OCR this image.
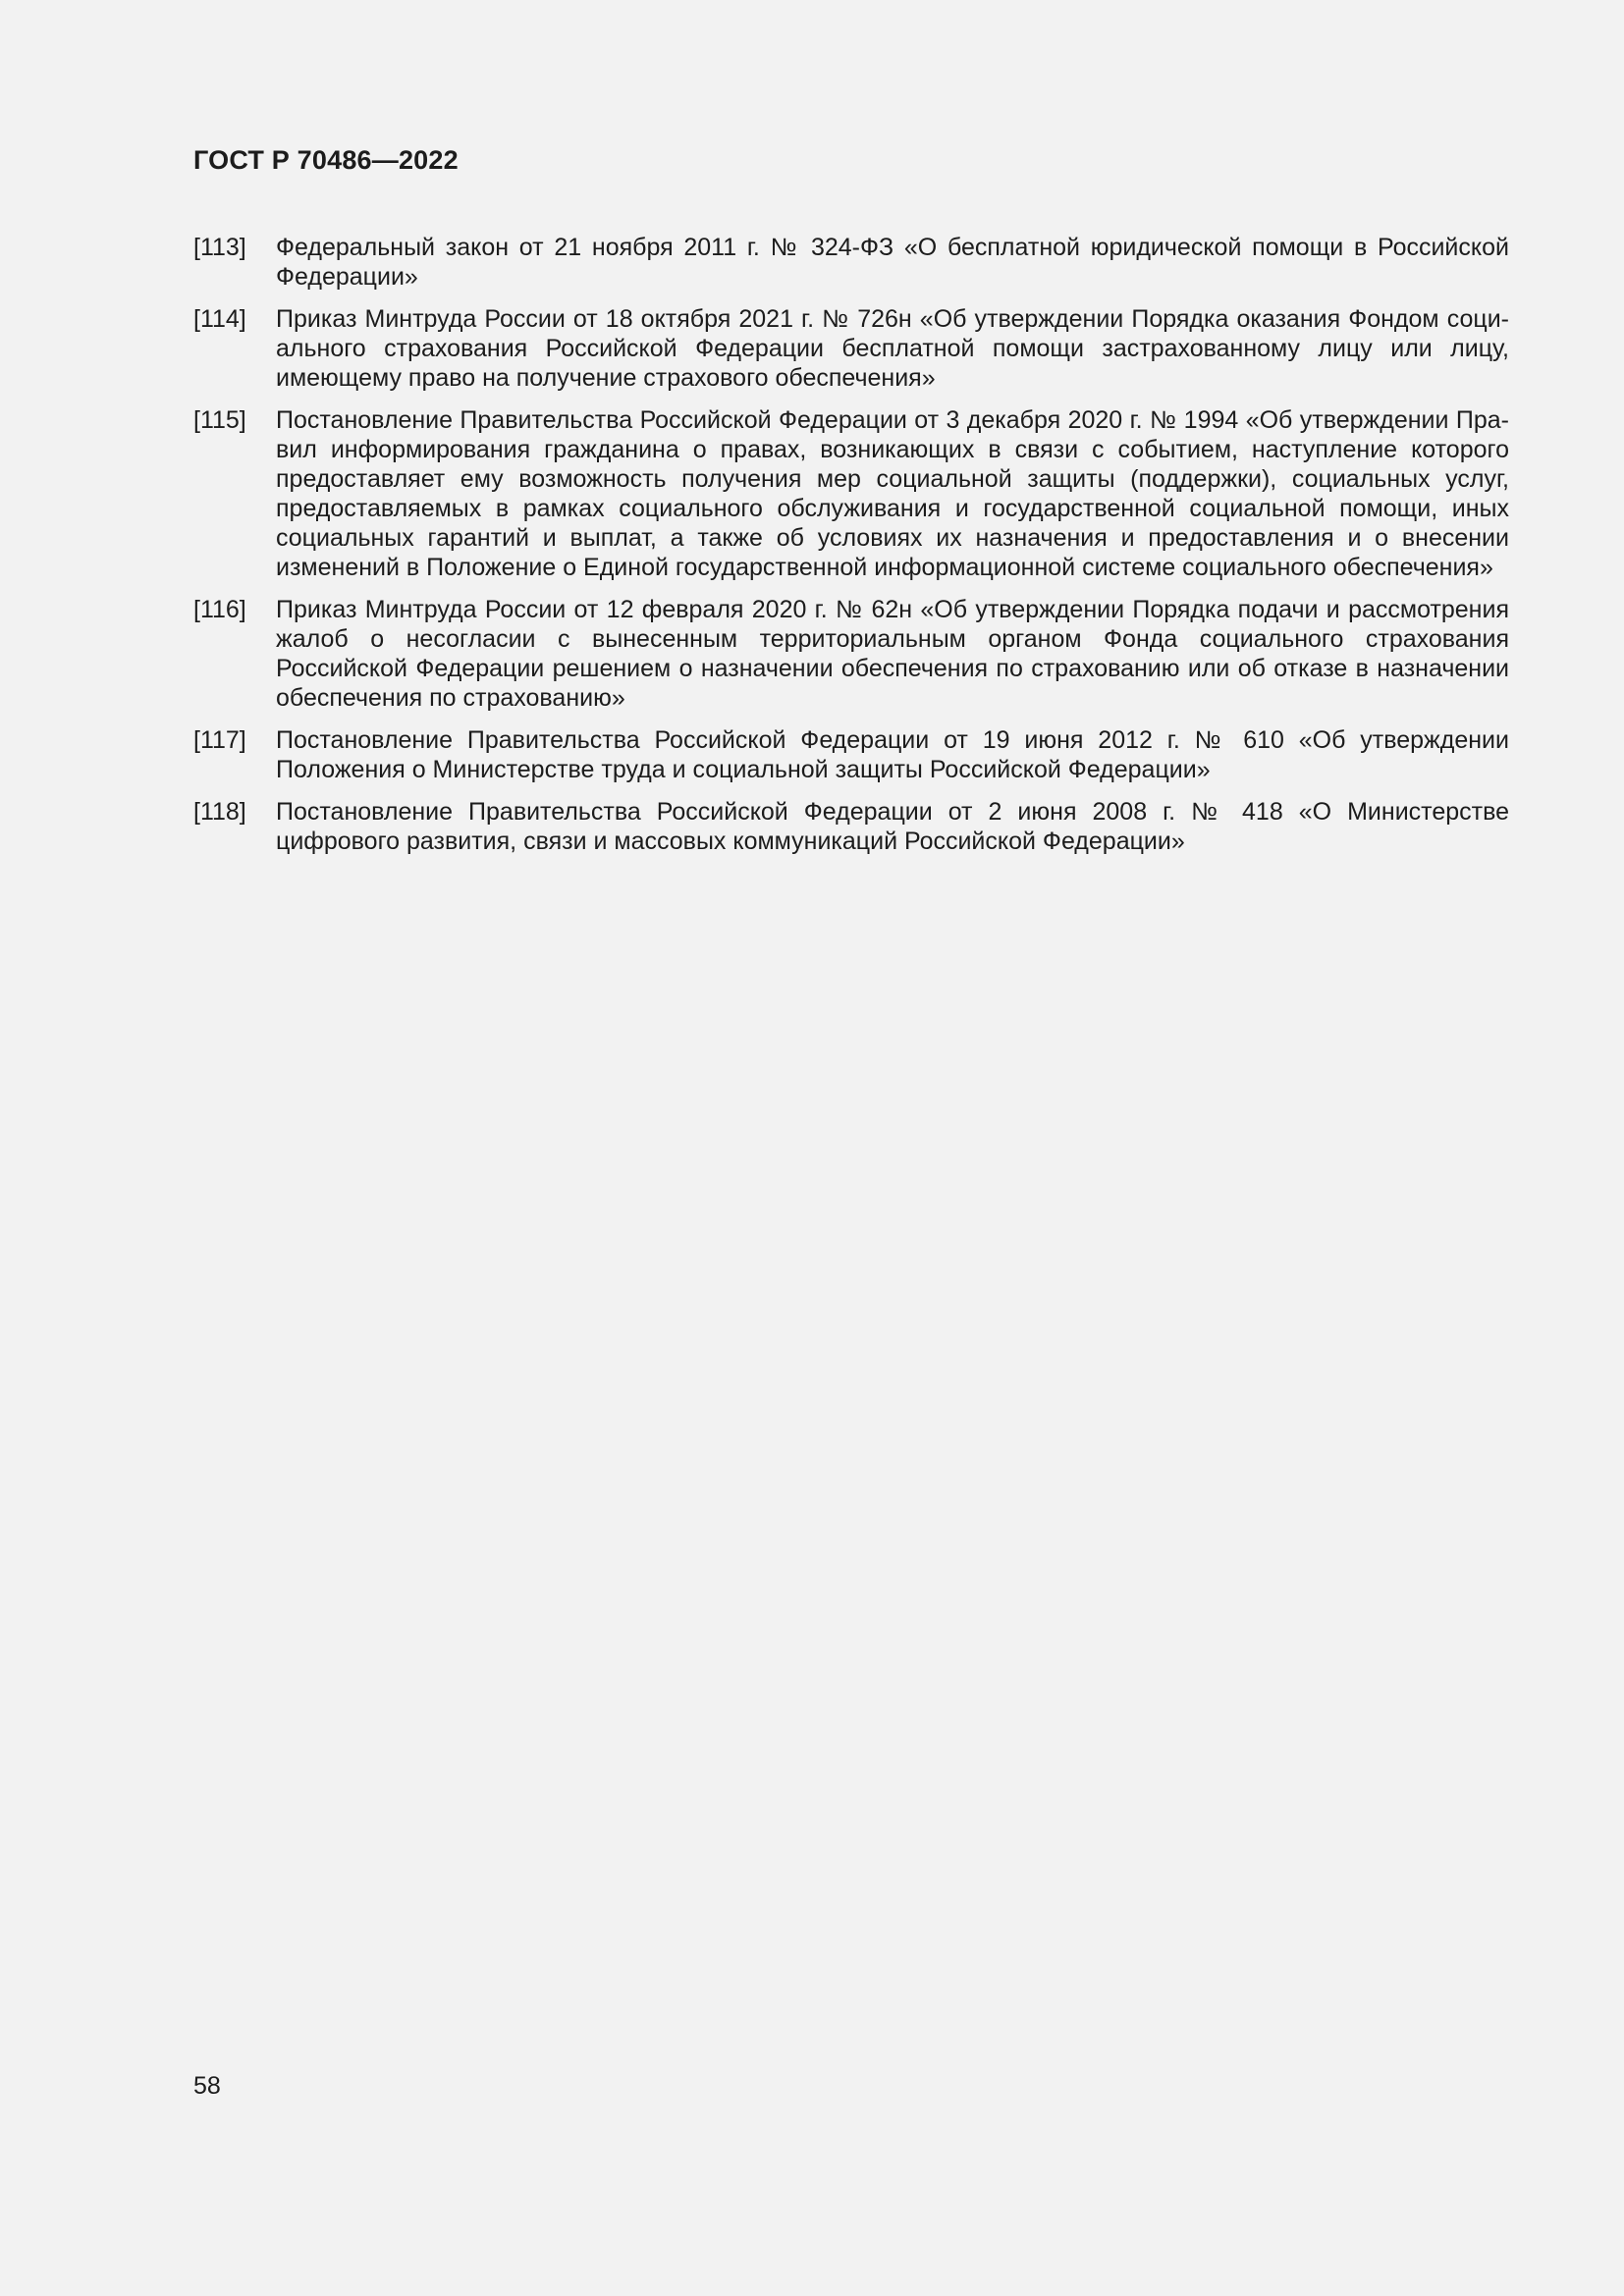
ГОСТ Р 70486—2022
[113]	Федеральный закон от 21 ноября 2011 г. № 324-ФЗ «О бесплатной юридической помощи в Российской Федерации»
[114]	Приказ Минтруда России от 18 октября 2021 г. № 726н «Об утверждении Порядка оказания Фондом социального страхования Российской Федерации бесплатной помощи застрахованному лицу или лицу, имеющему право на получение страхового обеспечения»
[115]	Постановление Правительства Российской Федерации от 3 декабря 2020 г. № 1994 «Об утверждении Правил информирования гражданина о правах, возникающих в связи с событием, наступление которого предоставляет ему возможность получения мер социальной защиты (поддержки), социальных услуг, предоставляемых в рамках социального обслуживания и государственной социальной помощи, иных социальных гарантий и выплат, а также об условиях их назначения и предоставления и о внесении изменений в Положение о Единой государственной информационной системе социального обеспечения»
[116]	Приказ Минтруда России от 12 февраля 2020 г. № 62н «Об утверждении Порядка подачи и рассмотрения жалоб о несогласии с вынесенным территориальным органом Фонда социального страхования Российской Федерации решением о назначении обеспечения по страхованию или об отказе в назначении обеспечения по страхованию»
[117]	Постановление Правительства Российской Федерации от 19 июня 2012 г. № 610 «Об утверждении Положения о Министерстве труда и социальной защиты Российской Федерации»
[118]	Постановление Правительства Российской Федерации от 2 июня 2008 г. № 418 «О Министерстве цифрового развития, связи и массовых коммуникаций Российской Федерации»

58
